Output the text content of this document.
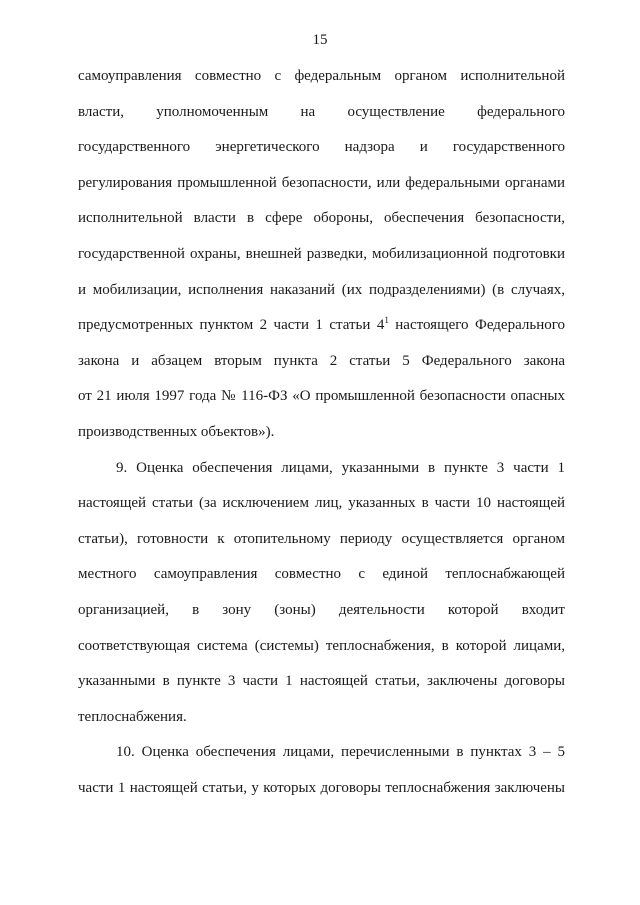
15

самоуправления совместно с федеральным органом исполнительной
власти, уполномоченным на осуществление федерального
государственного энергетического надзора и государственного
регулирования промышленной безопасности, или федеральными органами
исполнительной власти в сфере обороны, обеспечения безопасности,
государственной охраны, внешней разведки, мобилизационной подготовки
и мобилизации, исполнения наказаний (их подразделениями) (в случаях,
предусмотренных пунктом 2 части 1 статьи $4^1$ настоящего Федерального
закона и абзацем вторым пункта 2 статьи 5 Федерального закона
от 21 июля 1997 года № 116-ФЗ «О промышленной безопасности опасных
производственных объектов»).

9. Оценка обеспечения лицами, указанными в пункте 3 части 1
настоящей статьи (за исключением лиц, указанных в части 10 настоящей
статьи), готовности к отопительному периоду осуществляется органом
местного самоуправления совместно с единой теплоснабжающей
организацией, в зону (зоны) деятельности которой входит
соответствующая система (системы) теплоснабжения, в которой лицами,
указанными в пункте 3 части 1 настоящей статьи, заключены договоры
теплоснабжения.

10. Оценка обеспечения лицами, перечисленными в пунктах 3 – 5
части 1 настоящей статьи, у которых договоры теплоснабжения заключены
